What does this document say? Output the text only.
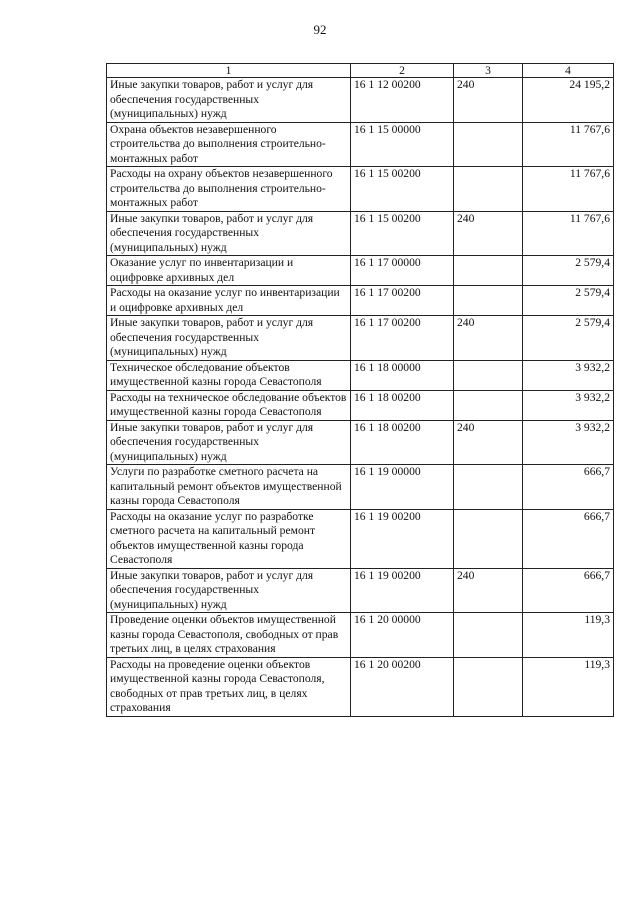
92
1	2	3	4
Иные закупки товаров, работ и услуг для обеспечения государственных (муниципальных) нужд	16 1 12 00200	240	24 195,2
Охрана объектов незавершенного строительства до выполнения строительно-монтажных работ	16 1 15 00000		11 767,6
Расходы на охрану объектов незавершенного строительства до выполнения строительно-монтажных работ	16 1 15 00200		11 767,6
Иные закупки товаров, работ и услуг для обеспечения государственных (муниципальных) нужд	16 1 15 00200	240	11 767,6
Оказание услуг по инвентаризации и оцифровке архивных дел	16 1 17 00000		2 579,4
Расходы на оказание услуг по инвентаризации и оцифровке архивных дел	16 1 17 00200		2 579,4
Иные закупки товаров, работ и услуг для обеспечения государственных (муниципальных) нужд	16 1 17 00200	240	2 579,4
Техническое обследование объектов имущественной казны города Севастополя	16 1 18 00000		3 932,2
Расходы на техническое обследование объектов имущественной казны города Севастополя	16 1 18 00200		3 932,2
Иные закупки товаров, работ и услуг для обеспечения государственных (муниципальных) нужд	16 1 18 00200	240	3 932,2
Услуги по разработке сметного расчета на капитальный ремонт объектов имущественной казны города Севастополя	16 1 19 00000		666,7
Расходы на оказание услуг по разработке сметного расчета на капитальный ремонт объектов имущественной казны города Севастополя	16 1 19 00200		666,7
Иные закупки товаров, работ и услуг для обеспечения государственных (муниципальных) нужд	16 1 19 00200	240	666,7
Проведение оценки объектов имущественной казны города Севастополя, свободных от прав третьих лиц, в целях страхования	16 1 20 00000		119,3
Расходы на проведение оценки объектов имущественной казны города Севастополя, свободных от прав третьих лиц, в целях страхования	16 1 20 00200		119,3
